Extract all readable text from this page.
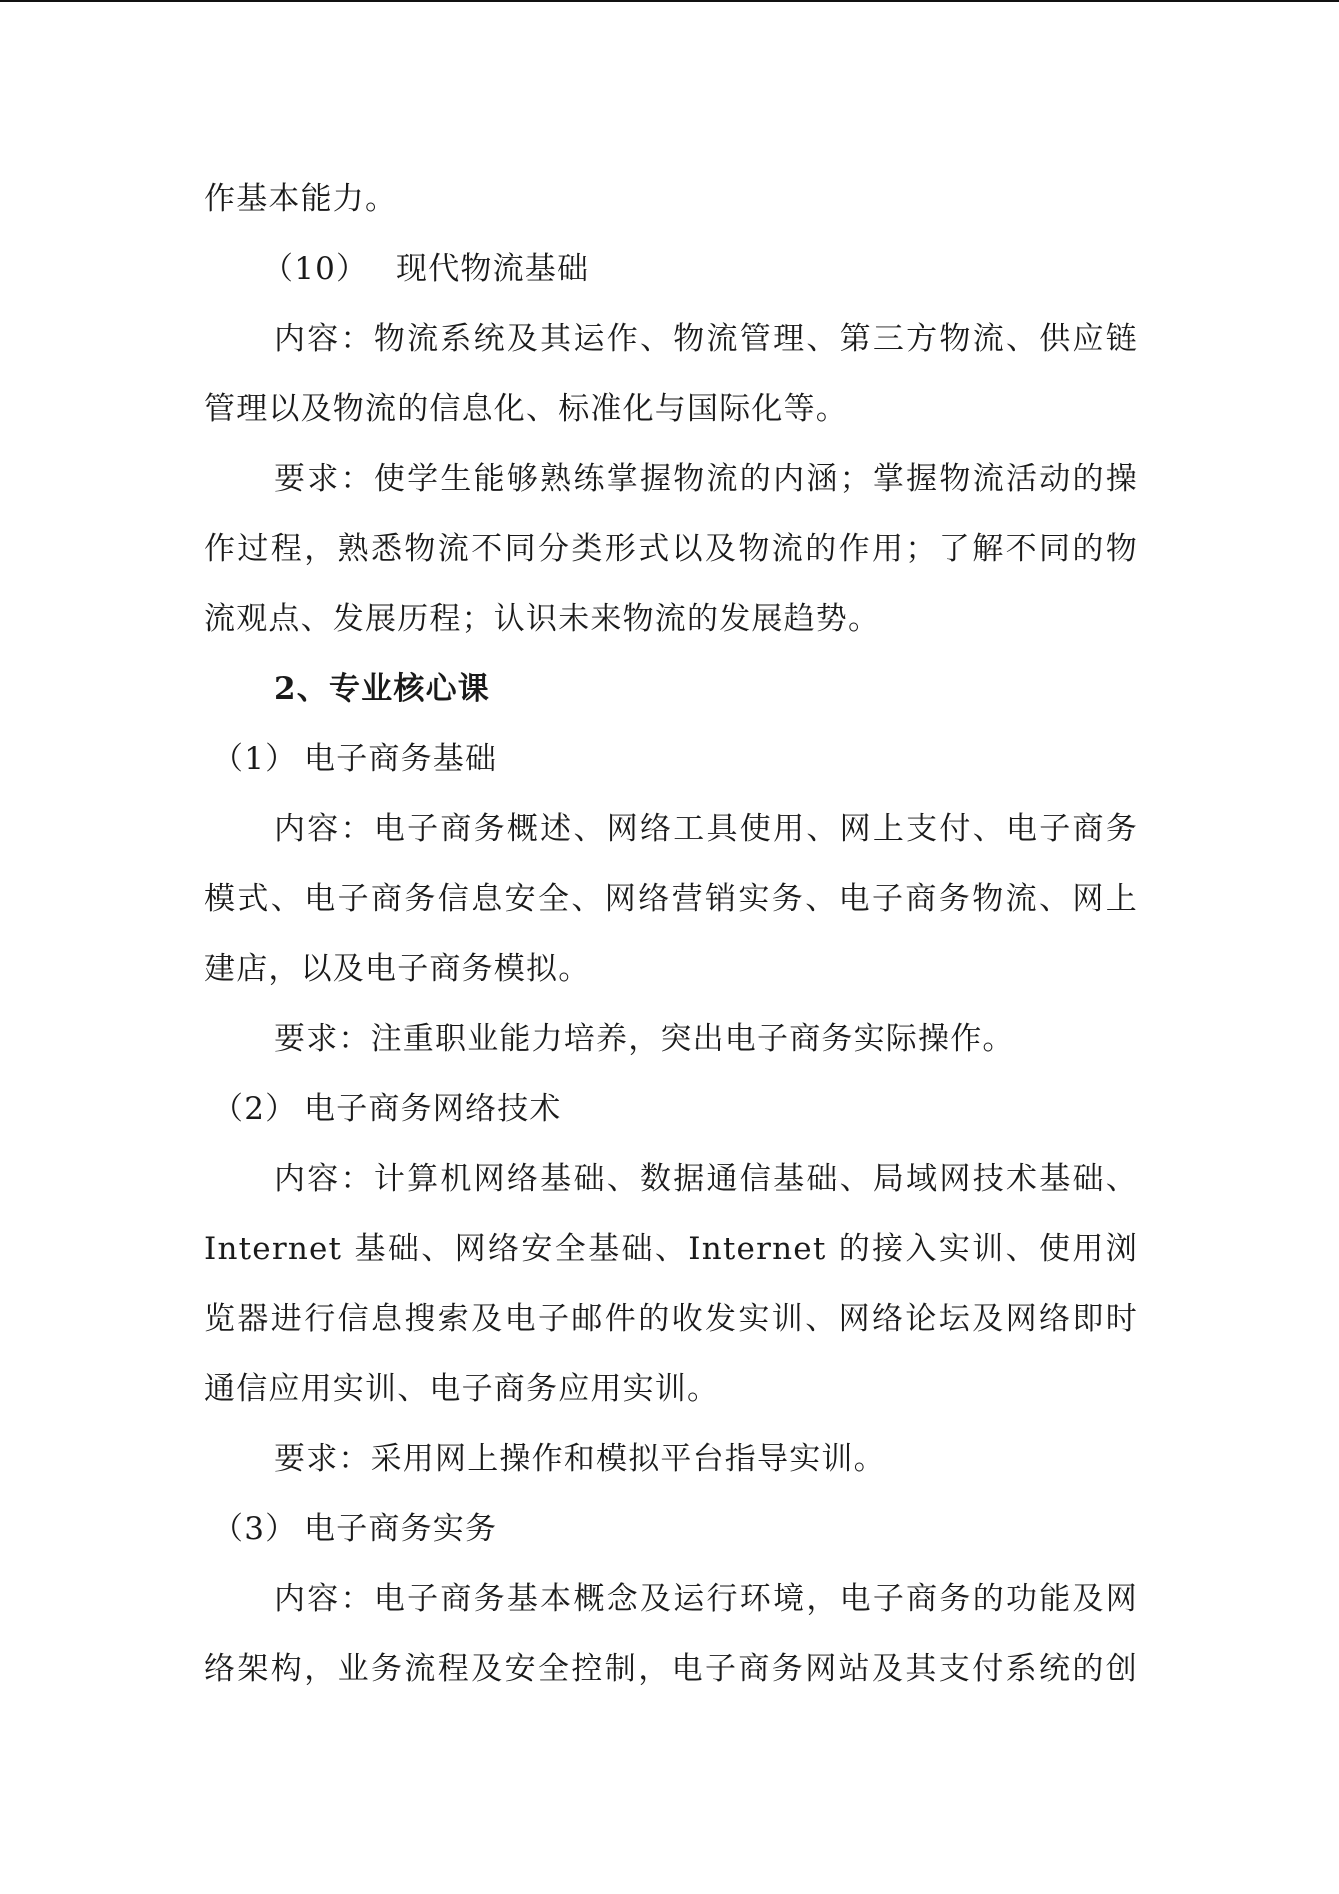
作基本能力。
（10） 现代物流基础
内容：物流系统及其运作、物流管理、第三方物流、供应链
管理以及物流的信息化、标准化与国际化等。
要求：使学生能够熟练掌握物流的内涵；掌握物流活动的操
作过程，熟悉物流不同分类形式以及物流的作用；了解不同的物
流观点、发展历程；认识未来物流的发展趋势。
2、专业核心课
（1） 电子商务基础
内容：电子商务概述、网络工具使用、网上支付、电子商务
模式、电子商务信息安全、网络营销实务、电子商务物流、网上
建店，以及电子商务模拟。
要求：注重职业能力培养，突出电子商务实际操作。
（2） 电子商务网络技术
内容：计算机网络基础、数据通信基础、局域网技术基础、
Internet 基础、网络安全基础、Internet 的接入实训、使用浏
览器进行信息搜索及电子邮件的收发实训、网络论坛及网络即时
通信应用实训、电子商务应用实训。
要求：采用网上操作和模拟平台指导实训。
（3） 电子商务实务
内容：电子商务基本概念及运行环境，电子商务的功能及网
络架构，业务流程及安全控制，电子商务网站及其支付系统的创
